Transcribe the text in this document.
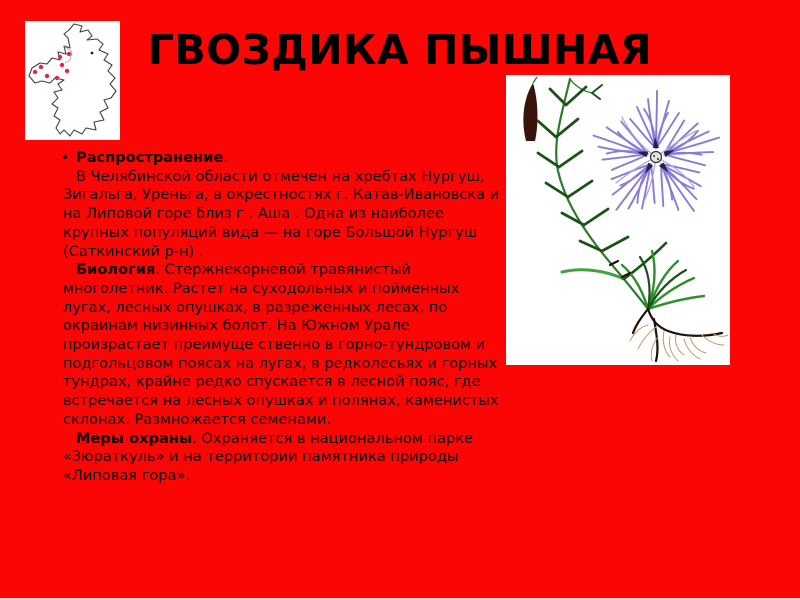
ГВОЗДИКА ПЫШНАЯ

• Распространение.

В Челябинской области отмечен на хребтах Нургуш, Зигальга, Уреньга, в окрестностях г. Катав-Ивановска и на Липовой горе близ г . Аша . Одна из наиболее крупных популяций вида — на горе Большой Нургуш (Саткинский р-н) .

Биология. Стержнекорневой травянистый многолетник. Растет на суходольных и пойменных лугах, лесных опушках, в разреженных лесах, по окраинам низинных болот. На Южном Урале произрастает преимуще ственно в горно-тундровом и подгольцовом поясах на лугах, в редколесьях и горных тундрах, крайне редко спускается в лесной пояс, где встречается на лесных опушках и полянах, каменистых склонах. Размножается семенами.

Меры охраны. Охраняется в национальном парке «Зюраткуль» и на территории памятника природы «Липовая гора».
